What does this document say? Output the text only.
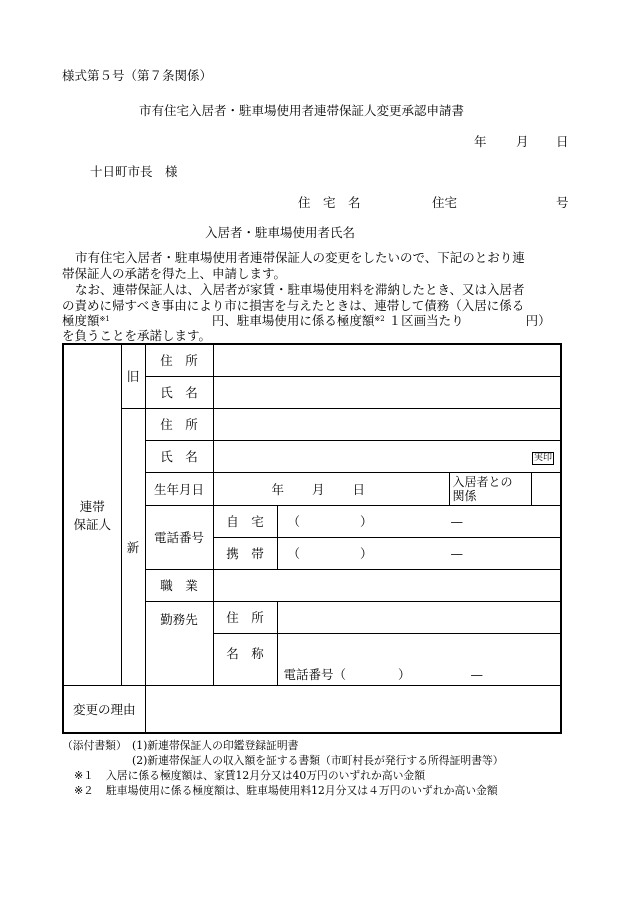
様式第５号（第７条関係）
市有住宅入居者・駐車場使用者連帯保証人変更承認申請書
年 月 日
十日町市長　様
住　宅　名	住宅	号
入居者・駐車場使用者氏名
市有住宅入居者・駐車場使用者連帯保証人の変更をしたいので、下記のとおり連
帯保証人の承諾を得た上、申請します。
なお、連帯保証人は、入居者が家賃・駐車場使用料を滞納したとき、又は入居者
の責めに帰すべき事由により市に損害を与えたときは、連帯して債務（入居に係る
極度額$^{※1}$	円、駐車場使用に係る極度額$^{※2}$ １区画当たり	円）
を負うことを承諾します。
連帯
保証人	旧	住　所			
		氏　名			
	新	住　所			
		氏　名	実印		
		生年月日	年 月 日		入居者との
関係

		電話番号	自　宅	（ ） —	
			携　帯	（ ） —	
		職　業			
		勤務先	住　所		
			名　称	電話番号（ ） —	

変更の理由					
（添付書類） (1)新連帯保証人の印鑑登録証明書
(2)新連帯保証人の収入額を証する書類（市町村長が発行する所得証明書等）
※１ 入居に係る極度額は、家賃12月分又は40万円のいずれか高い金額
※２ 駐車場使用に係る極度額は、駐車場使用料12月分又は４万円のいずれか高い金額
